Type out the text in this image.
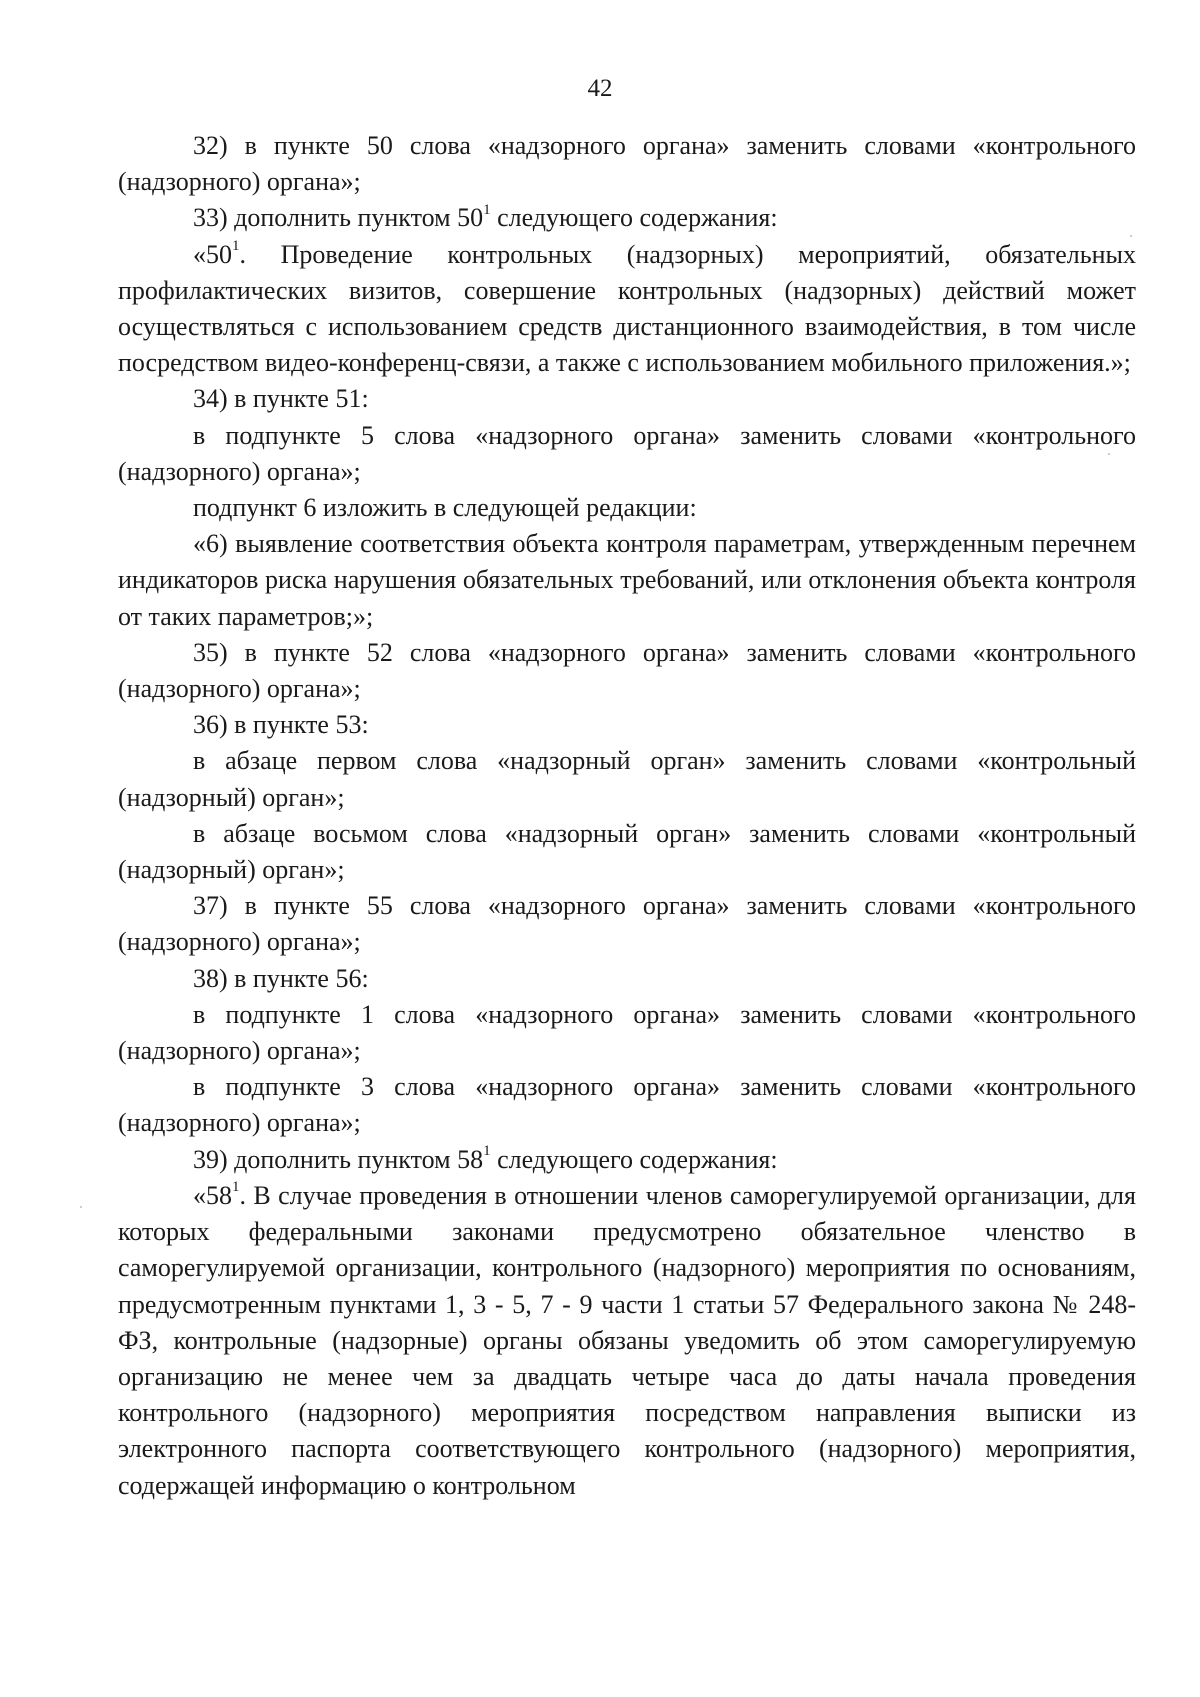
42

32) в пункте 50 слова «надзорного органа» заменить словами «контрольного (надзорного) органа»;

33) дополнить пунктом $50^1$ следующего содержания:

«$50^1$. Проведение контрольных (надзорных) мероприятий, обязательных профилактических визитов, совершение контрольных (надзорных) действий может осуществляться с использованием средств дистанционного взаимодействия, в том числе посредством видео-конференц-связи, а также с использованием мобильного приложения.»;

34) в пункте 51:

в подпункте 5 слова «надзорного органа» заменить словами «контрольного (надзорного) органа»;

подпункт 6 изложить в следующей редакции:

«6) выявление соответствия объекта контроля параметрам, утвержденным перечнем индикаторов риска нарушения обязательных требований, или отклонения объекта контроля от таких параметров;»;

35) в пункте 52 слова «надзорного органа» заменить словами «контрольного (надзорного) органа»;

36) в пункте 53:

в абзаце первом слова «надзорный орган» заменить словами «контрольный (надзорный) орган»;

в абзаце восьмом слова «надзорный орган» заменить словами «контрольный (надзорный) орган»;

37) в пункте 55 слова «надзорного органа» заменить словами «контрольного (надзорного) органа»;

38) в пункте 56:

в подпункте 1 слова «надзорного органа» заменить словами «контрольного (надзорного) органа»;

в подпункте 3 слова «надзорного органа» заменить словами «контрольного (надзорного) органа»;

39) дополнить пунктом $58^1$ следующего содержания:

«$58^1$. В случае проведения в отношении членов саморегулируемой организации, для которых федеральными законами предусмотрено обязательное членство в саморегулируемой организации, контрольного (надзорного) мероприятия по основаниям, предусмотренным пунктами 1, 3 - 5, 7 - 9 части 1 статьи 57 Федерального закона № 248-ФЗ, контрольные (надзорные) органы обязаны уведомить об этом саморегулируемую организацию не менее чем за двадцать четыре часа до даты начала проведения контрольного (надзорного) мероприятия посредством направления выписки из электронного паспорта соответствующего контрольного (надзорного) мероприятия, содержащей информацию о контрольном
